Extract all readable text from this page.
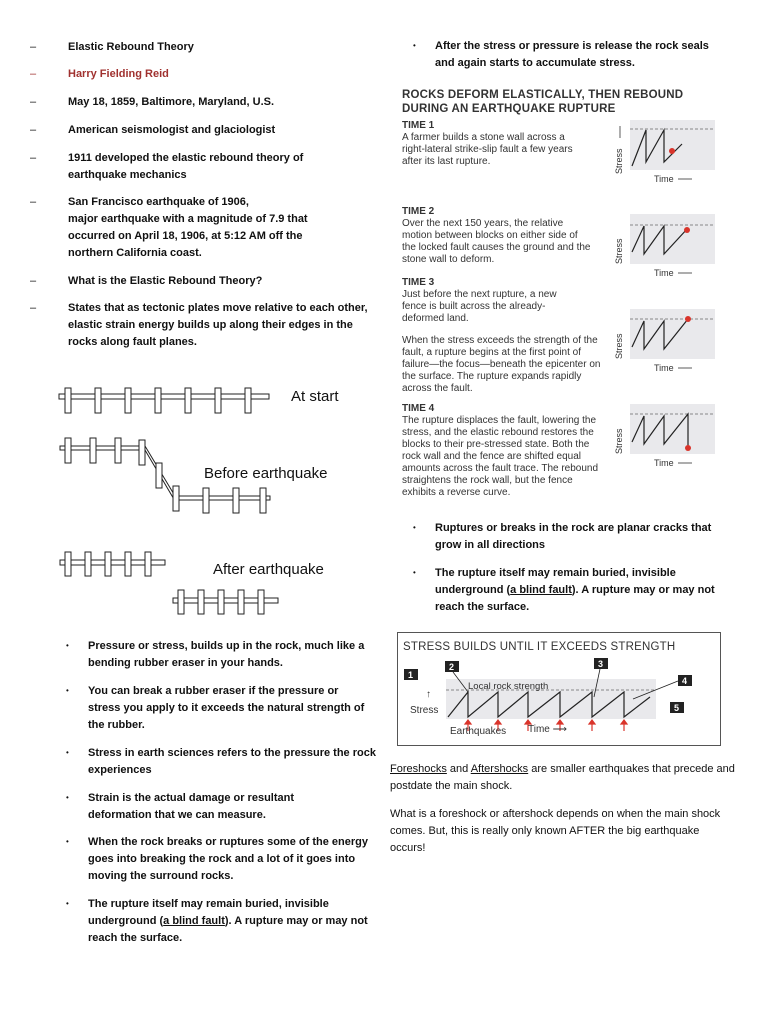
–	Elastic Rebound Theory
–	Harry Fielding Reid
–	May 18, 1859, Baltimore, Maryland, U.S.
–	American seismologist and glaciologist
–	1911 developed the elastic rebound theory of earthquake mechanics
–	San Francisco earthquake of 1906,
major earthquake with a magnitude of 7.9 that occurred on April 18, 1906, at 5:12 AM off the northern California coast.
–	What is the Elastic Rebound Theory?
–	States that as tectonic plates move relative to each other, elastic strain energy builds up along their edges in the rocks along fault planes.
At start
Before earthquake
After earthquake
• Pressure or stress, builds up in the rock, much like a bending rubber eraser in your hands.
• You can break a rubber eraser if the pressure or stress you apply to it exceeds the natural strength of the rubber.
• Stress in earth sciences refers to the pressure the rock experiences
• Strain is the actual damage or resultant deformation that we can measure.
• When the rock breaks or ruptures some of the energy goes into breaking the rock and a lot of it goes into moving the surround rocks.
• The rupture itself may remain buried, invisible underground (a blind fault). A rupture may or may not reach the surface.
• After the stress or pressure is release the rock seals and again starts to accumulate stress.
ROCKS DEFORM ELASTICALLY, THEN REBOUND DURING AN EARTHQUAKE RUPTURE
TIME 1
A farmer builds a stone wall across a right-lateral strike-slip fault a few years after its last rupture.
TIME 2
Over the next 150 years, the relative motion between blocks on either side of the locked fault causes the ground and the stone wall to deform.
TIME 3
Just before the next rupture, a new fence is built across the already-deformed land.
When the stress exceeds the strength of the fault, a rupture begins at the first point of failure—the focus—beneath the epicenter on the surface. The rupture expands rapidly across the fault.
TIME 4
The rupture displaces the fault, lowering the stress, and the elastic rebound restores the blocks to their pre-stressed state. Both the rock wall and the fence are shifted equal amounts across the fault trace. The rebound straightens the rock wall, but the fence exhibits a reverse curve.
Stress
Time
Stress
Time
Stress
Time
Stress
Time
• Ruptures or breaks in the rock are planar cracks that grow in all directions
• The rupture itself may remain buried, invisible underground (a blind fault). A rupture may or may not reach the surface.
STRESS BUILDS UNTIL IT EXCEEDS STRENGTH
1
2	3
4
5
Local rock strength
Stress
↑
Earthquakes Time ⟶
Foreshocks and Aftershocks are smaller earthquakes that precede and postdate the main shock.
What is a foreshock or aftershock depends on when the main shock comes. But, this is really only known AFTER the big earthquake occurs!
